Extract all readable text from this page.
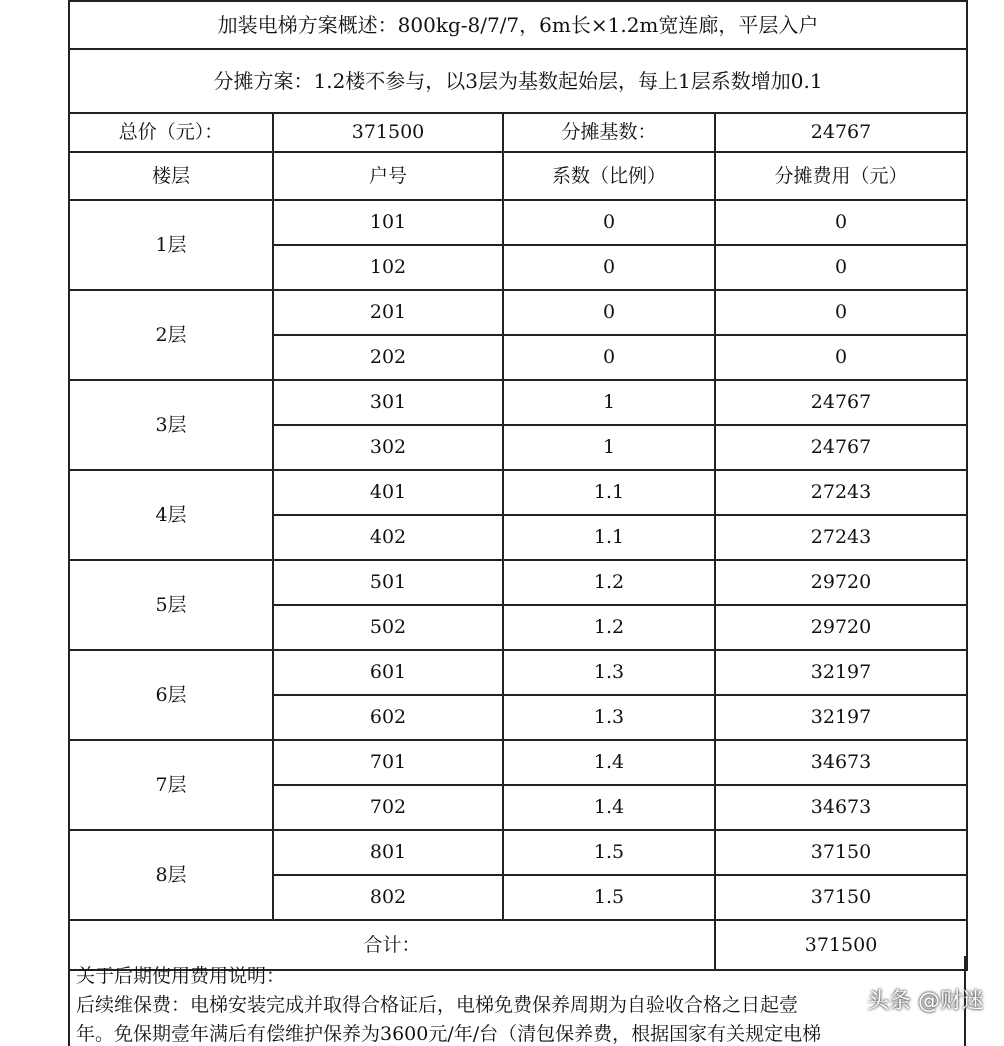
加装电梯方案概述：800kg-8/7/7，6m长×1.2m宽连廊，平层入户			
分摊方案：1.2楼不参与，以3层为基数起始层，每上1层系数增加0.1			
总价（元）：	371500	分摊基数：	24767
楼层	户号	系数（比例）	分摊费用（元）
1层	101	0	0
	102	0	0
2层	201	0	0
	202	0	0
3层	301	1	24767
	302	1	24767
4层	401	1.1	27243
	402	1.1	27243
5层	501	1.2	29720
	502	1.2	29720
6层	601	1.3	32197
	602	1.3	32197
7层	701	1.4	34673
	702	1.4	34673
8层	801	1.5	37150
	802	1.5	37150
合计：			371500
关于后期使用费用说明：
后续维保费：电梯安装完成并取得合格证后，电梯免费保养周期为自验收合格之日起壹
年。免保期壹年满后有偿维护保养为3600元/年/台（清包保养费，根据国家有关规定电梯
头条 @财迷
